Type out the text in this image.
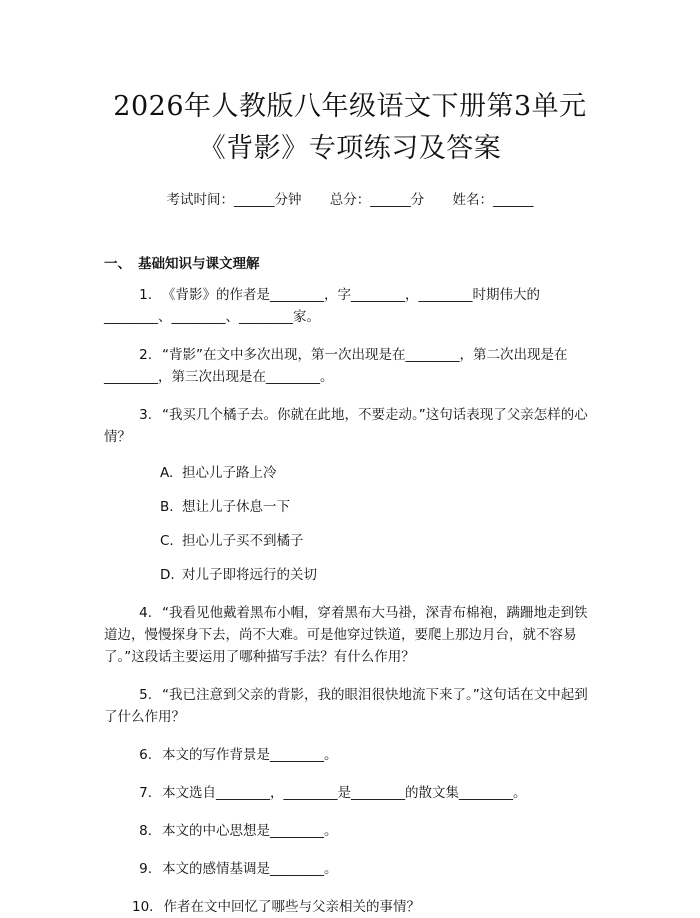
2026年人教版八年级语文下册第3单元《背影》专项练习及答案
考试时间：______分钟 总分：______分 姓名：______
一、 基础知识与课文理解

1. 《背影》的作者是________，字________，________时期伟大的________、________、________家。

2. “背影”在文中多次出现，第一次出现是在________，第二次出现是在________，第三次出现是在________。

3. “我买几个橘子去。你就在此地，不要走动。”这句话表现了父亲怎样的心情？

A. 担心儿子路上冷

B. 想让儿子休息一下

C. 担心儿子买不到橘子

D. 对儿子即将远行的关切

4. “我看见他戴着黑布小帽，穿着黑布大马褂，深青布棉袍，蹒跚地走到铁道边，慢慢探身下去，尚不大难。可是他穿过铁道，要爬上那边月台，就不容易了。”这段话主要运用了哪种描写手法？有什么作用？

5. “我已注意到父亲的背影，我的眼泪很快地流下来了。”这句话在文中起到了什么作用？

6. 本文的写作背景是________。

7. 本文选自________，________是________的散文集________。

8. 本文的中心思想是________。

9. 本文的感情基调是________。

10. 作者在文中回忆了哪些与父亲相关的事情？
